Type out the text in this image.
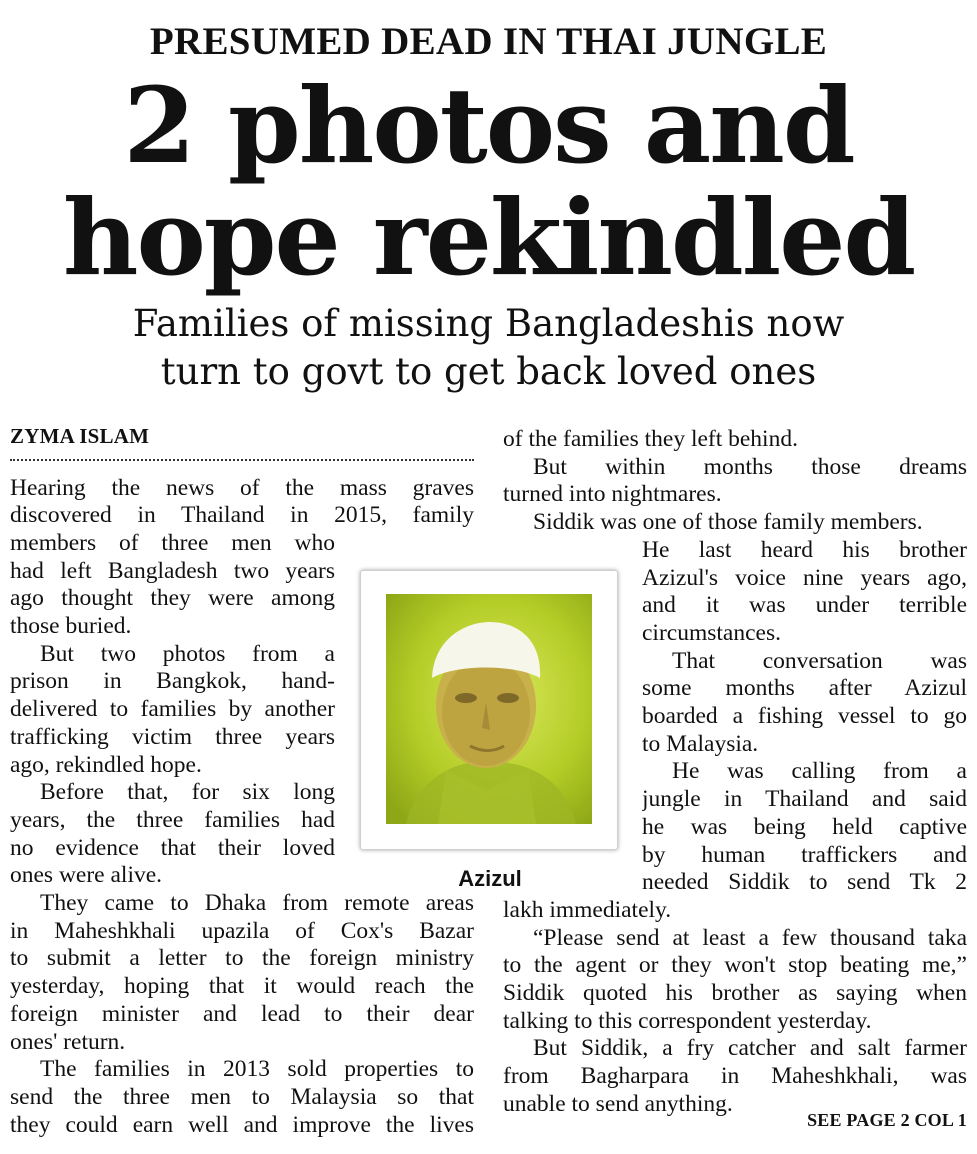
PRESUMED DEAD IN THAI JUNGLE
2 photos and
hope rekindled
Families of missing Bangladeshis now
turn to govt to get back loved ones
ZYMA ISLAM
Azizul
Hearing the news of the mass graves
discovered in Thailand in 2015, family
members of three men who
had left Bangladesh two years
ago thought they were among
those buried.
But two photos from a
prison in Bangkok, hand-
delivered to families by another
trafficking victim three years
ago, rekindled hope.
Before that, for six long
years, the three families had
no evidence that their loved
ones were alive.
They came to Dhaka from remote areas
in Maheshkhali upazila of Cox's Bazar
to submit a letter to the foreign ministry
yesterday, hoping that it would reach the
foreign minister and lead to their dear
ones' return.
The families in 2013 sold properties to
send the three men to Malaysia so that
they could earn well and improve the lives
of the families they left behind.
But within months those dreams
turned into nightmares.
Siddik was one of those family members.
He last heard his brother
Azizul's voice nine years ago,
and it was under terrible
circumstances.
That conversation was
some months after Azizul
boarded a fishing vessel to go
to Malaysia.
He was calling from a
jungle in Thailand and said
he was being held captive
by human traffickers and
needed Siddik to send Tk 2
lakh immediately.
“Please send at least a few thousand taka
to the agent or they won't stop beating me,”
Siddik quoted his brother as saying when
talking to this correspondent yesterday.
But Siddik, a fry catcher and salt farmer
from Bagharpara in Maheshkhali, was
unable to send anything.
SEE PAGE 2 COL 1
